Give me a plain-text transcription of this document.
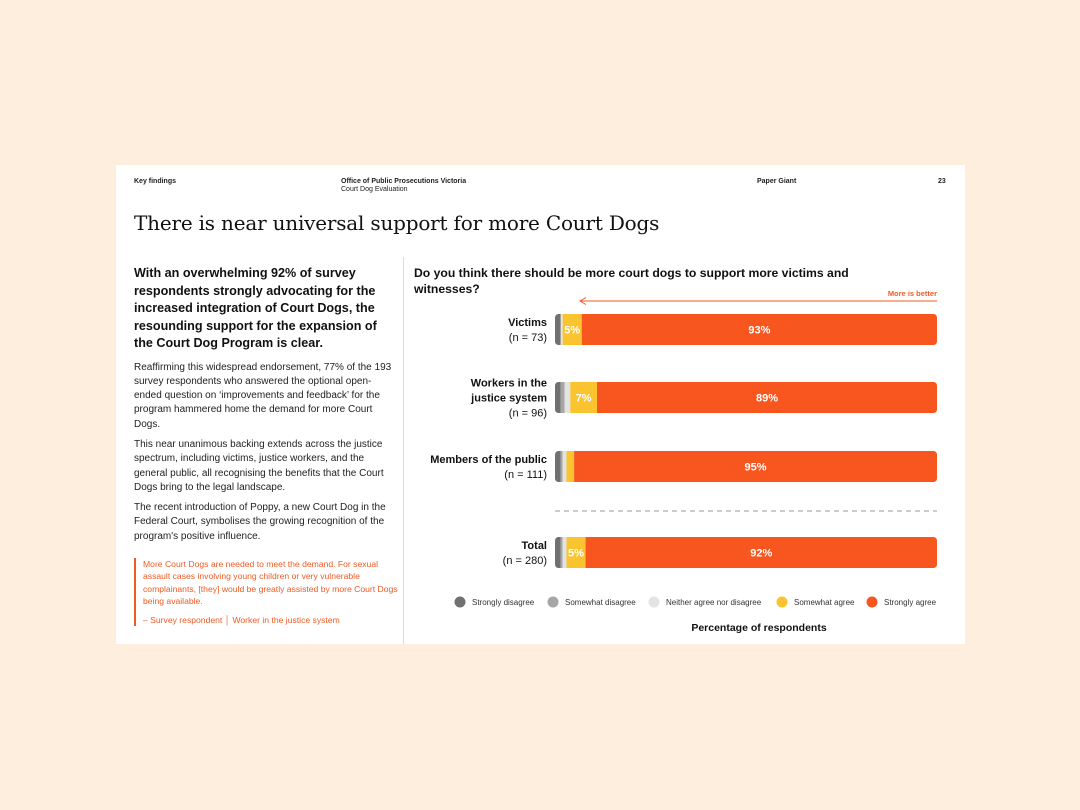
Key findings	Office of Public Prosecutions Victoria
Court Dog Evaluation
Paper Giant	23
There is near universal support for more Court Dogs

With an overwhelming 92% of survey respondents strongly advocating for the increased integration of Court Dogs, the resounding support for the expansion of the Court Dog Program is clear.

Reaffirming this widespread endorsement, 77% of the 193 survey respondents who answered the optional open-ended question on ‘improvements and feedback’ for the program hammered home the demand for more Court Dogs.

This near unanimous backing extends across the justice spectrum, including victims, justice workers, and the general public, all recognising the benefits that the Court Dogs bring to the legal landscape.

The recent introduction of Poppy, a new Court Dog in the Federal Court, symbolises the growing recognition of the program's positive influence.

More Court Dogs are needed to meet the demand. For sexual assault cases involving young children or very vulnerable complainants, [they] would be greatly assisted by more Court Dogs being available.
– Survey respondent │ Worker in the justice system
Do you think there should be more court dogs to support more victims and witnesses?	More is better
Victims
(n = 73)
5%	93%
Workers in the
justice system
(n = 96)
7%	89%
Members of the public
(n = 111)
95%
Total
(n = 280)
5%	92%
Strongly disagree	Somewhat disagree	Neither agree nor disagree	Somewhat agree	Strongly agree
Percentage of respondents
